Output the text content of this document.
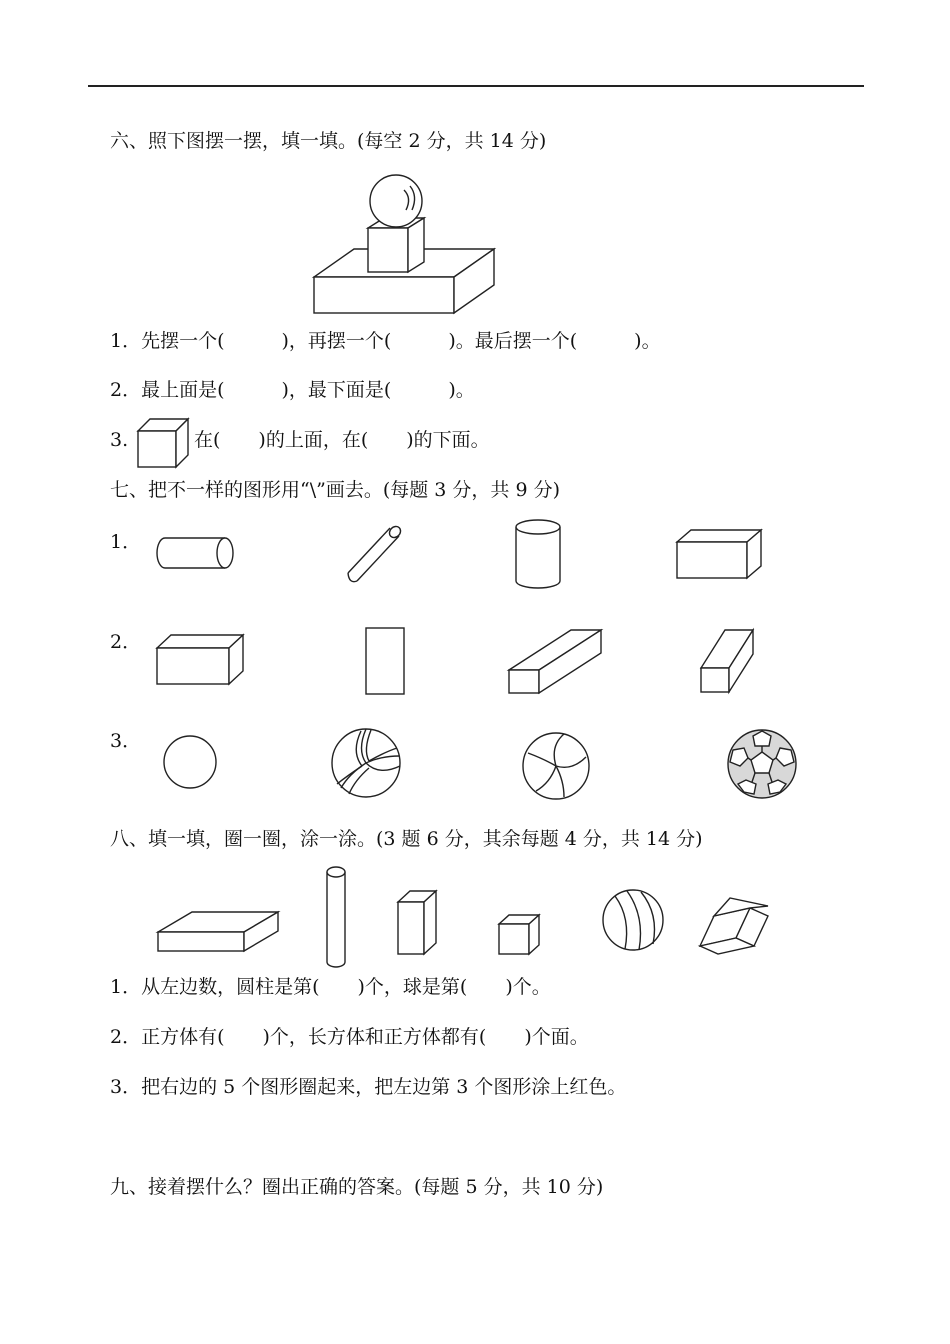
六、照下图摆一摆，填一填。(每空 2 分，共 14 分)
1．先摆一个(　　　)，再摆一个(　　　)。最后摆一个(　　　)。
2．最上面是(　　　)，最下面是(　　　)。
3.	在(　　)的上面，在(　　)的下面。
七、把不一样的图形用“\”画去。(每题 3 分，共 9 分)
1．
2．
3．
八、填一填，圈一圈，涂一涂。(3 题 6 分，其余每题 4 分，共 14 分)
1．从左边数，圆柱是第(　　)个，球是第(　　)个。
2．正方体有(　　)个，长方体和正方体都有(　　)个面。
3．把右边的 5 个图形圈起来，把左边第 3 个图形涂上红色。
九、接着摆什么？圈出正确的答案。(每题 5 分，共 10 分)
